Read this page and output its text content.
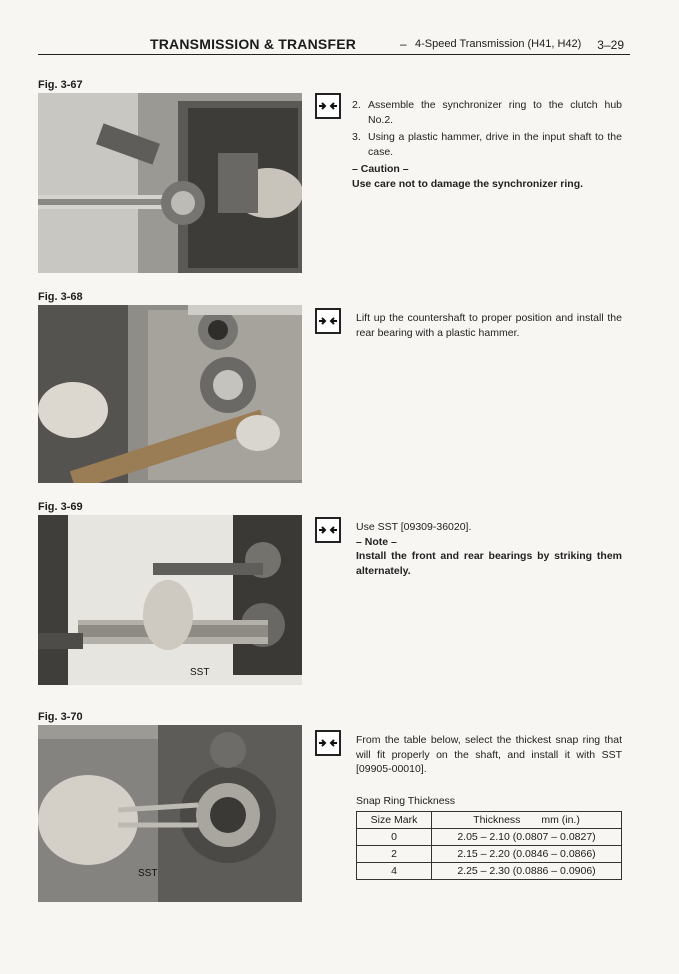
TRANSMISSION & TRANSFER	– 4-Speed Transmission (H41, H42) 3–29
Fig. 3-67
2. Assemble the synchronizer ring to the clutch hub No.2.
3. Using a plastic hammer, drive in the input shaft to the case.
– Caution –
Use care not to damage the synchronizer ring.
Fig. 3-68
Lift up the countershaft to proper position and install the rear bearing with a plastic hammer.
Fig. 3-69
SST
Use SST [09309-36020].
– Note –
Install the front and rear bearings by striking them alternately.
Fig. 3-70
SST
From the table below, select the thickest snap ring that will fit properly on the shaft, and install it with SST [09905-00010].
Snap Ring Thickness
Size Mark	Thickness mm (in.)
0	2.05 – 2.10 (0.0807 – 0.0827)
2	2.15 – 2.20 (0.0846 – 0.0866)
4	2.25 – 2.30 (0.0886 – 0.0906)
